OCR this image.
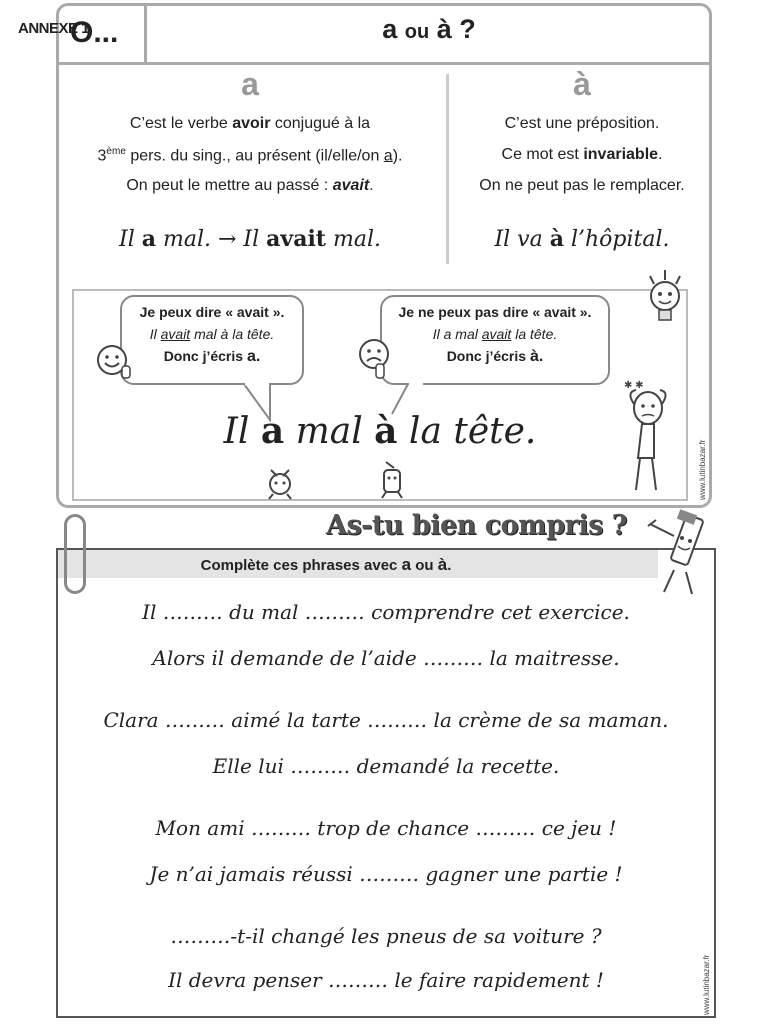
O...
ANNEXE 1	a ou à ?
a
C’est le verbe avoir conjugué à la
3ème pers. du sing., au présent (il/elle/on a).
On peut le mettre au passé : avait.
Il a mal. → Il avait mal.
à
C’est une préposition.
Ce mot est invariable.
On ne peut pas le remplacer.
Il va à l’hôpital.

Je peux dire « avait ».

Il avait mal à la tête.

Donc j’écris a.

Je ne peux pas dire « avait ».

Il a mal avait la tête.

Donc j’écris à.

✱ ✱
Il a mal à la tête.
www.lutinbazar.fr
As-tu bien compris ?
Complète ces phrases avec a ou à.
Il ……… du mal ……… comprendre cet exercice.
Alors il demande de l’aide ……… la maitresse.
Clara ……… aimé la tarte ……… la crème de sa maman.
Elle lui ……… demandé la recette.
Mon ami ……… trop de chance ……… ce jeu !
Je n’ai jamais réussi ……… gagner une partie !
………-t-il changé les pneus de sa voiture ?
Il devra penser ……… le faire rapidement !	www.lutinbazar.fr
